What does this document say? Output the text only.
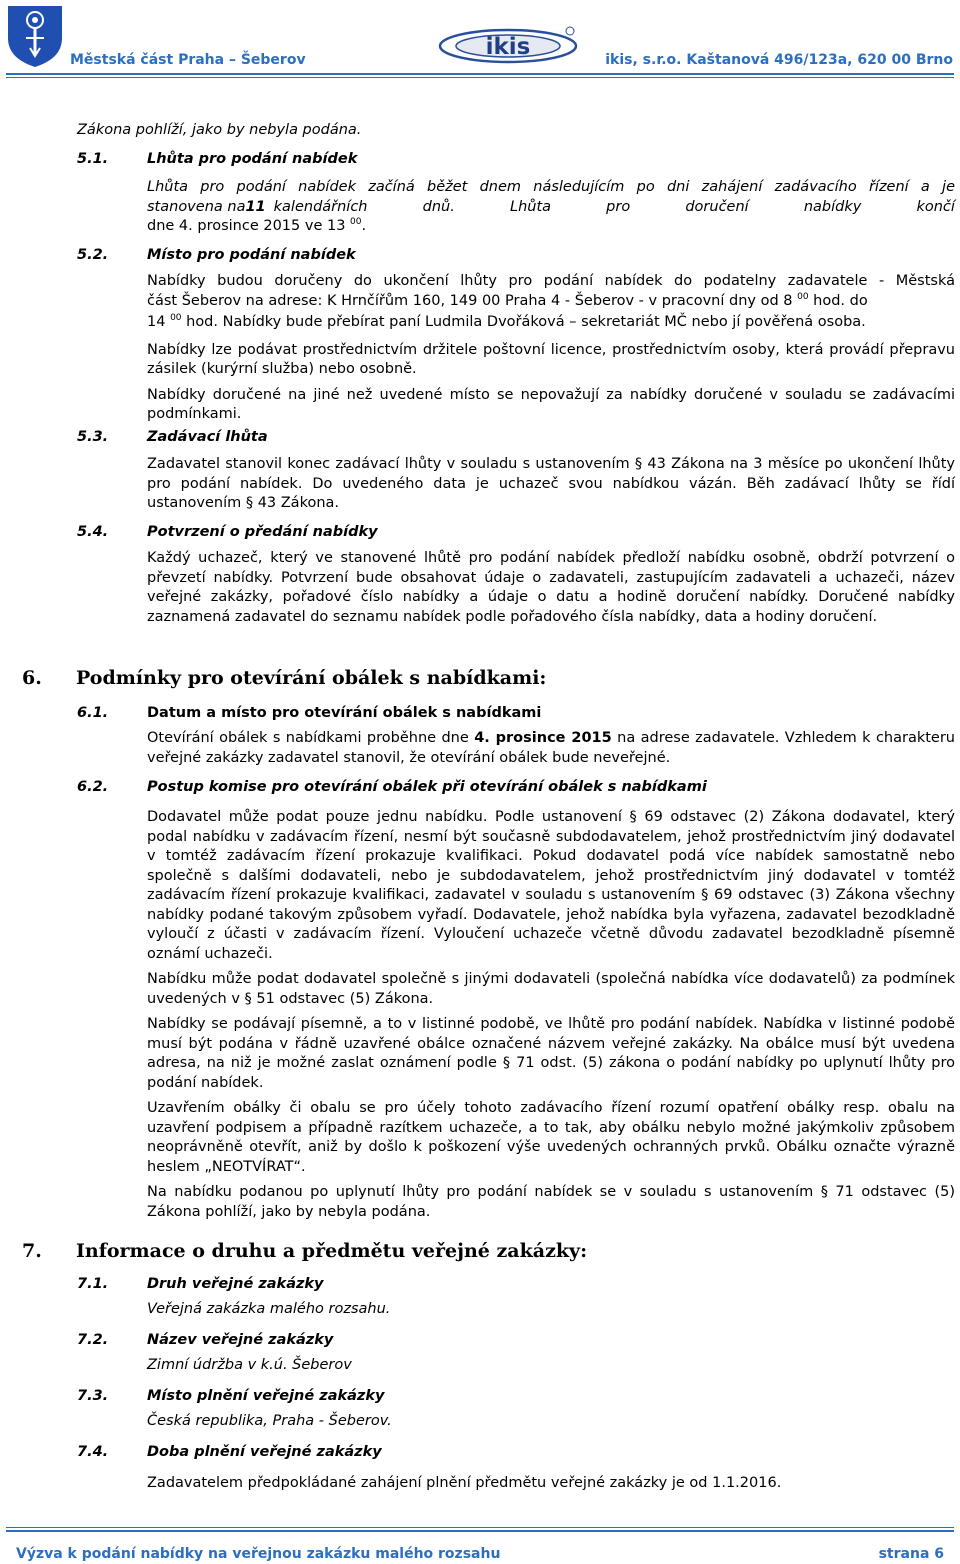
Městská část Praha – Šeberov	ikis	ikis, s.r.o. Kaštanová 496/123a, 620 00 Brno
Zákona pohlíží, jako by nebyla podána.
5.1.	Lhůta pro podání nabídek
Lhůta pro podání nabídek začíná běžet dnem následujícím po dni zahájení zadávacího řízení a je
stanovena na 11 kalendářních	dnů.	Lhůta	pro	doručení	nabídky	končí
dne 4. prosince 2015 ve 13 $^{00}$.
5.2.	Místo pro podání nabídek
Nabídky budou doručeny do ukončení lhůty pro podání nabídek do podatelny zadavatele - Městská
část Šeberov na adrese: K Hrnčířům 160, 149 00 Praha 4 - Šeberov - v pracovní dny od 8 $^{00}$ hod. do
14 $^{00}$ hod. Nabídky bude přebírat paní Ludmila Dvořáková – sekretariát MČ nebo jí pověřená osoba.
Nabídky lze podávat prostřednictvím držitele poštovní licence, prostřednictvím osoby, která provádí přepravu zásilek (kurýrní služba) nebo osobně.
Nabídky doručené na jiné než uvedené místo se nepovažují za nabídky doručené v souladu se zadávacími podmínkami.
5.3.	Zadávací lhůta
Zadavatel stanovil konec zadávací lhůty v souladu s ustanovením § 43 Zákona na 3 měsíce po ukončení lhůty pro podání nabídek. Do uvedeného data je uchazeč svou nabídkou vázán. Běh zadávací lhůty se řídí ustanovením § 43 Zákona.
5.4.	Potvrzení o předání nabídky
Každý uchazeč, který ve stanovené lhůtě pro podání nabídek předloží nabídku osobně, obdrží potvrzení o převzetí nabídky. Potvrzení bude obsahovat údaje o zadavateli, zastupujícím zadavateli a uchazeči, název veřejné zakázky, pořadové číslo nabídky a údaje o datu a hodině doručení nabídky. Doručené nabídky zaznamená zadavatel do seznamu nabídek podle pořadového čísla nabídky, data a hodiny doručení.
6. Podmínky pro otevírání obálek s nabídkami:
6.1.	Datum a místo pro otevírání obálek s nabídkami
Otevírání obálek s nabídkami proběhne dne 4. prosince 2015 na adrese zadavatele. Vzhledem k charakteru veřejné zakázky zadavatel stanovil, že otevírání obálek bude neveřejné.
6.2.	Postup komise pro otevírání obálek při otevírání obálek s nabídkami
Dodavatel může podat pouze jednu nabídku. Podle ustanovení § 69 odstavec (2) Zákona dodavatel, který podal nabídku v zadávacím řízení, nesmí být současně subdodavatelem, jehož prostřednictvím jiný dodavatel v tomtéž zadávacím řízení prokazuje kvalifikaci. Pokud dodavatel podá více nabídek samostatně nebo společně s dalšími dodavateli, nebo je subdodavatelem, jehož prostřednictvím jiný dodavatel v tomtéž zadávacím řízení prokazuje kvalifikaci, zadavatel v souladu s ustanovením § 69 odstavec (3) Zákona všechny nabídky podané takovým způsobem vyřadí. Dodavatele, jehož nabídka byla vyřazena, zadavatel bezodkladně vyloučí z účasti v zadávacím řízení. Vyloučení uchazeče včetně důvodu zadavatel bezodkladně písemně oznámí uchazeči.
Nabídku může podat dodavatel společně s jinými dodavateli (společná nabídka více dodavatelů) za podmínek uvedených v § 51 odstavec (5) Zákona.
Nabídky se podávají písemně, a to v listinné podobě, ve lhůtě pro podání nabídek. Nabídka v listinné podobě musí být podána v řádně uzavřené obálce označené názvem veřejné zakázky. Na obálce musí být uvedena adresa, na niž je možné zaslat oznámení podle § 71 odst. (5) zákona o podání nabídky po uplynutí lhůty pro podání nabídek.
Uzavřením obálky či obalu se pro účely tohoto zadávacího řízení rozumí opatření obálky resp. obalu na uzavření podpisem a případně razítkem uchazeče, a to tak, aby obálku nebylo možné jakýmkoliv způsobem neoprávněně otevřít, aniž by došlo k poškození výše uvedených ochranných prvků. Obálku označte výrazně heslem „NEOTVÍRAT“.
Na nabídku podanou po uplynutí lhůty pro podání nabídek se v souladu s ustanovením § 71 odstavec (5) Zákona pohlíží, jako by nebyla podána.
7. Informace o druhu a předmětu veřejné zakázky:
7.1.	Druh veřejné zakázky
Veřejná zakázka malého rozsahu.
7.2.	Název veřejné zakázky
Zimní údržba v k.ú. Šeberov
7.3.	Místo plnění veřejné zakázky
Česká republika, Praha - Šeberov.
7.4.	Doba plnění veřejné zakázky
Zadavatelem předpokládané zahájení plnění předmětu veřejné zakázky je od 1.1.2016.
Výzva k podání nabídky na veřejnou zakázku malého rozsahu	strana 6
